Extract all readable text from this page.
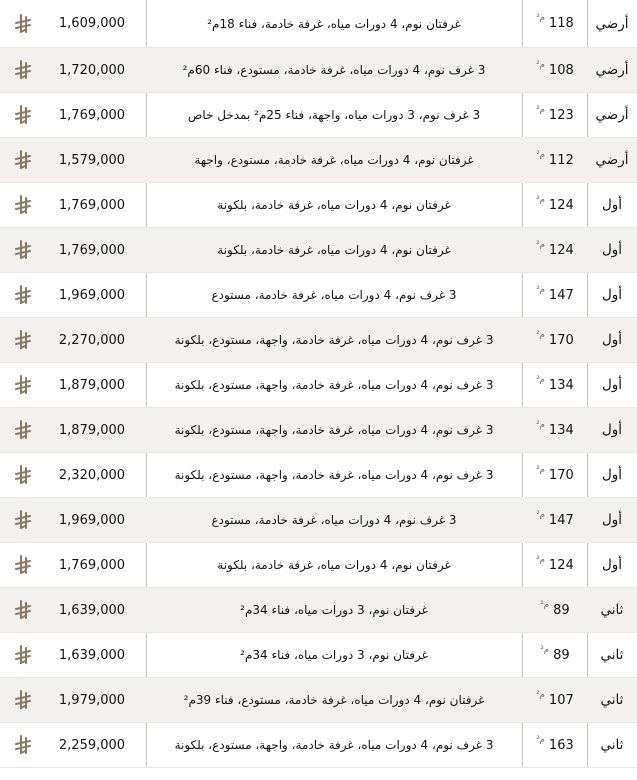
1,609,000	غرفتان نوم، 4 دورات مياه، غرفة خادمة، فناء 18م²	م² 118 أرضي
1,720,000	3 غرف نوم، 4 دورات مياه، غرفة خادمة، مستودع، فناء 60م²	م² 108 أرضي
1,769,000	3 غرف نوم، 3 دورات مياه، واجهة، فناء 25م² بمدخل خاص	م² 123 أرضي
1,579,000	غرفتان نوم، 4 دورات مياه، غرفة خادمة، مستودع، واجهة	م² 112 أرضي
1,769,000	غرفتان نوم، 4 دورات مياه، غرفة خادمة، بلكونة	م² 124 أول
1,769,000	غرفتان نوم، 4 دورات مياه، غرفة خادمة، بلكونة	م² 124 أول
1,969,000	3 غرف نوم، 4 دورات مياه، غرفة خادمة، مستودع	م² 147 أول
2,270,000	3 غرف نوم، 4 دورات مياه، غرفة خادمة، واجهة، مستودع، بلكونة	م² 170 أول
1,879,000	3 غرف نوم، 4 دورات مياه، غرفة خادمة، واجهة، مستودع، بلكونة	م² 134 أول
1,879,000	3 غرف نوم، 4 دورات مياه، غرفة خادمة، واجهة، مستودع، بلكونة	م² 134 أول
2,320,000	3 غرف نوم، 4 دورات مياه، غرفة خادمة، واجهة، مستودع، بلكونة	م² 170 أول
1,969,000	3 غرف نوم، 4 دورات مياه، غرفة خادمة، مستودع	م² 147 أول
1,769,000	غرفتان نوم، 4 دورات مياه، غرفة خادمة، بلكونة	م² 124 أول
1,639,000	غرفتان نوم، 3 دورات مياه، فناء 34م²	م² 89 ثاني
1,639,000	غرفتان نوم، 3 دورات مياه، فناء 34م²	م² 89 ثاني
1,979,000	غرفتان نوم، 4 دورات مياه، غرفة خادمة، مستودع، فناء 39م²	م² 107 ثاني
2,259,000	3 غرف نوم، 4 دورات مياه، غرفة خادمة، واجهة، مستودع، بلكونة	م² 163 ثاني
